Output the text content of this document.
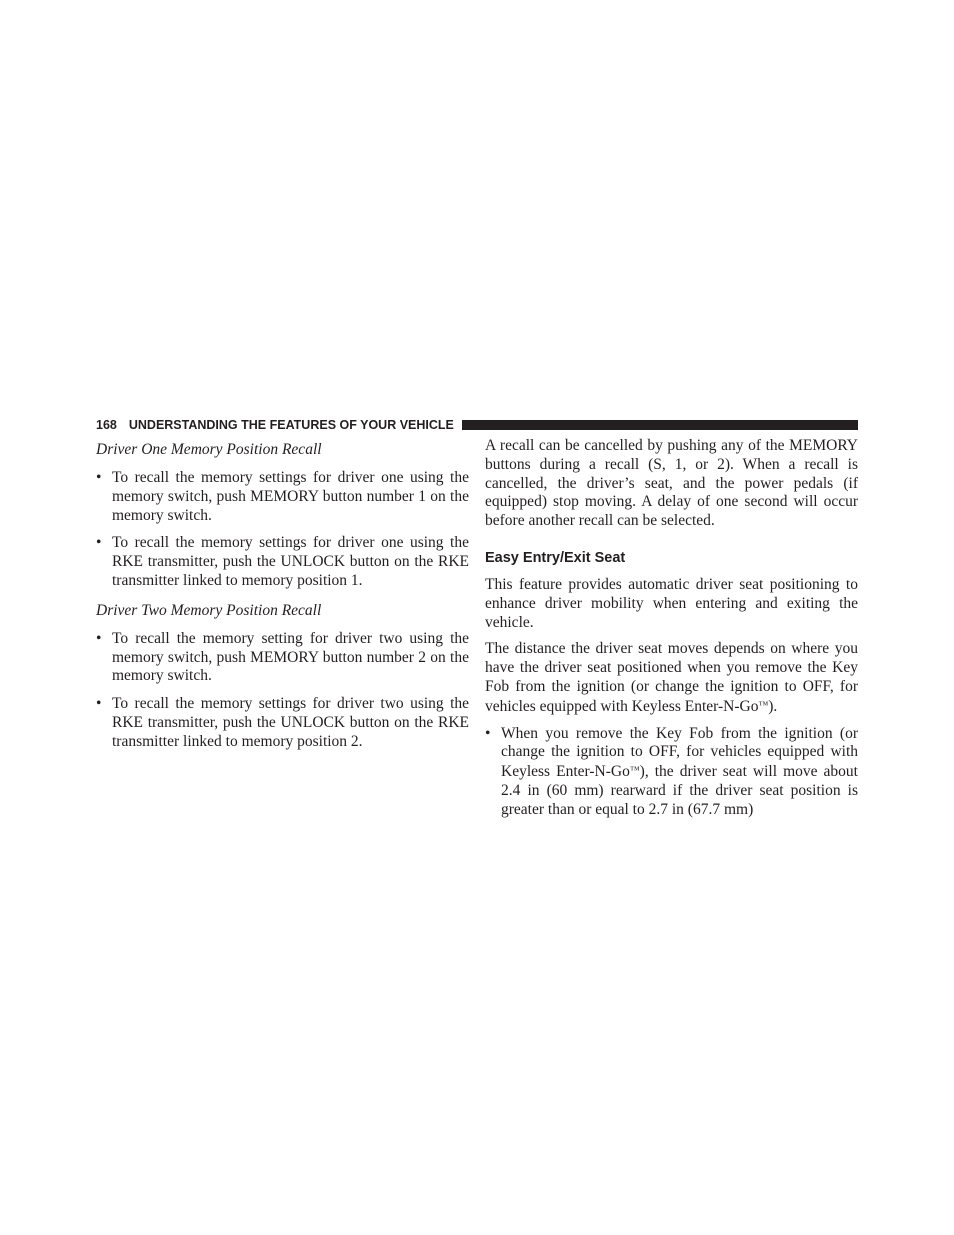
168 UNDERSTANDING THE FEATURES OF YOUR VEHICLE
Driver One Memory Position Recall
• To recall the memory settings for driver one using the memory switch, push MEMORY button number 1 on the memory switch.
• To recall the memory settings for driver one using the RKE transmitter, push the UNLOCK button on the RKE transmitter linked to memory position 1.
Driver Two Memory Position Recall
• To recall the memory setting for driver two using the memory switch, push MEMORY button number 2 on the memory switch.
• To recall the memory settings for driver two using the RKE transmitter, push the UNLOCK button on the RKE transmitter linked to memory position 2.

A recall can be cancelled by pushing any of the MEMORY buttons during a recall (S, 1, or 2). When a recall is cancelled, the driver’s seat, and the power pedals (if equipped) stop moving. A delay of one second will occur before another recall can be selected.

Easy Entry/Exit Seat

This feature provides automatic driver seat positioning to enhance driver mobility when entering and exiting the vehicle.

The distance the driver seat moves depends on where you have the driver seat positioned when you remove the Key Fob from the ignition (or change the ignition to OFF, for vehicles equipped with Keyless Enter-N-Go™).

• When you remove the Key Fob from the ignition (or change the ignition to OFF, for vehicles equipped with Keyless Enter-N-Go™), the driver seat will move about 2.4 in (60 mm) rearward if the driver seat position is greater than or equal to 2.7 in (67.7 mm)
